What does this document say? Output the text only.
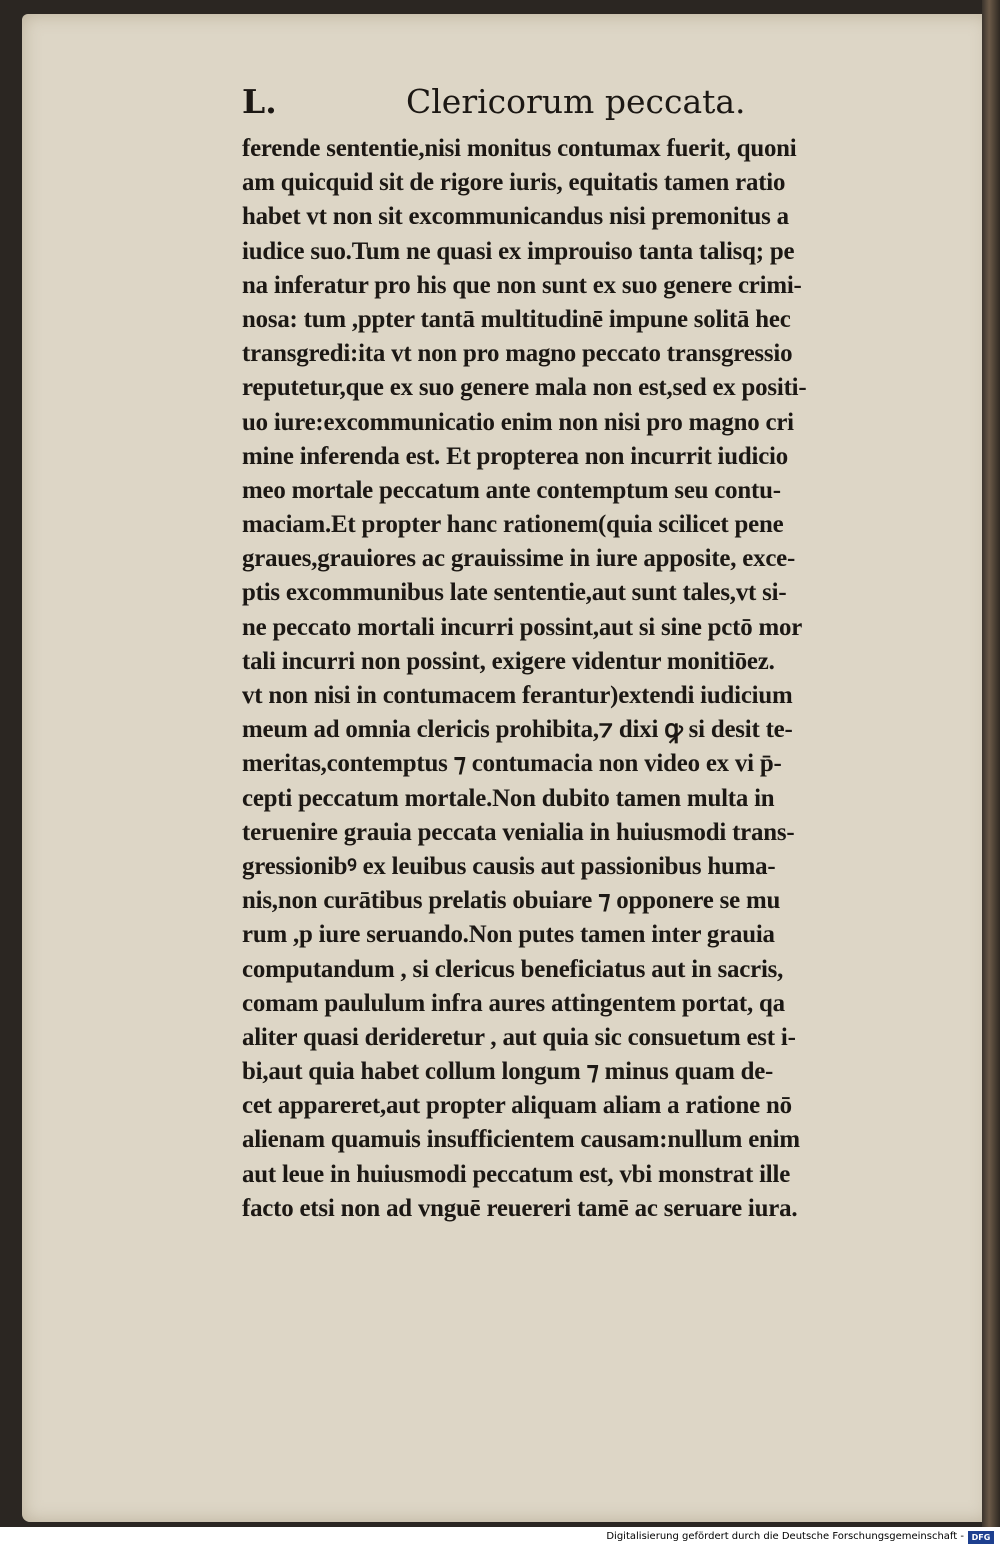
L.	Clericorum peccata.
ferende sententie,nisi monitus contumax fuerit, quoni
am quicquid sit de rigore iuris, equitatis tamen ratio
habet vt non sit excommunicandus nisi premonitus a
iudice suo.Tum ne quasi ex improuiso tanta talisq; pe
na inferatur pro his que non sunt ex suo genere crimi-
nosa: tum ,ppter tantā multitudinē impune solitā hec
transgredi:ita vt non pro magno peccato transgressio
reputetur,que ex suo genere mala non est,sed ex positi-
uo iure:excommunicatio enim non nisi pro magno cri
mine inferenda est. Et propterea non incurrit iudicio
meo mortale peccatum ante contemptum seu contu-
maciam.Et propter hanc rationem(quia scilicet pene
graues,grauiores ac grauissime in iure apposite, exce-
ptis excommunibus late sententie,aut sunt tales,vt si-
ne peccato mortali incurri possint,aut si sine pctō mor
tali incurri non possint, exigere videntur monitiōez.
vt non nisi in contumacem ferantur)extendi iudicium
meum ad omnia clericis prohibita,⁊ dixi ꝙ si desit te-
meritas,contemptus ⁊ contumacia non video ex vi p̄-
cepti peccatum mortale.Non dubito tamen multa in
teruenire grauia peccata venialia in huiusmodi trans-
gressionibꝰ ex leuibus causis aut passionibus huma-
nis,non curātibus prelatis obuiare ⁊ opponere se mu
rum ,p iure seruando.Non putes tamen inter grauia
computandum , si clericus beneficiatus aut in sacris,
comam paululum infra aures attingentem portat, qa
aliter quasi derideretur , aut quia sic consuetum est i-
bi,aut quia habet collum longum ⁊ minus quam de-
cet appareret,aut propter aliquam aliam a ratione nō
alienam quamuis insufficientem causam:nullum enim
aut leue in huiusmodi peccatum est, vbi monstrat ille
facto etsi non ad vnguē reuereri tamē ac seruare iura.
Digitalisierung gefördert durch die Deutsche Forschungsgemeinschaft - DFG
